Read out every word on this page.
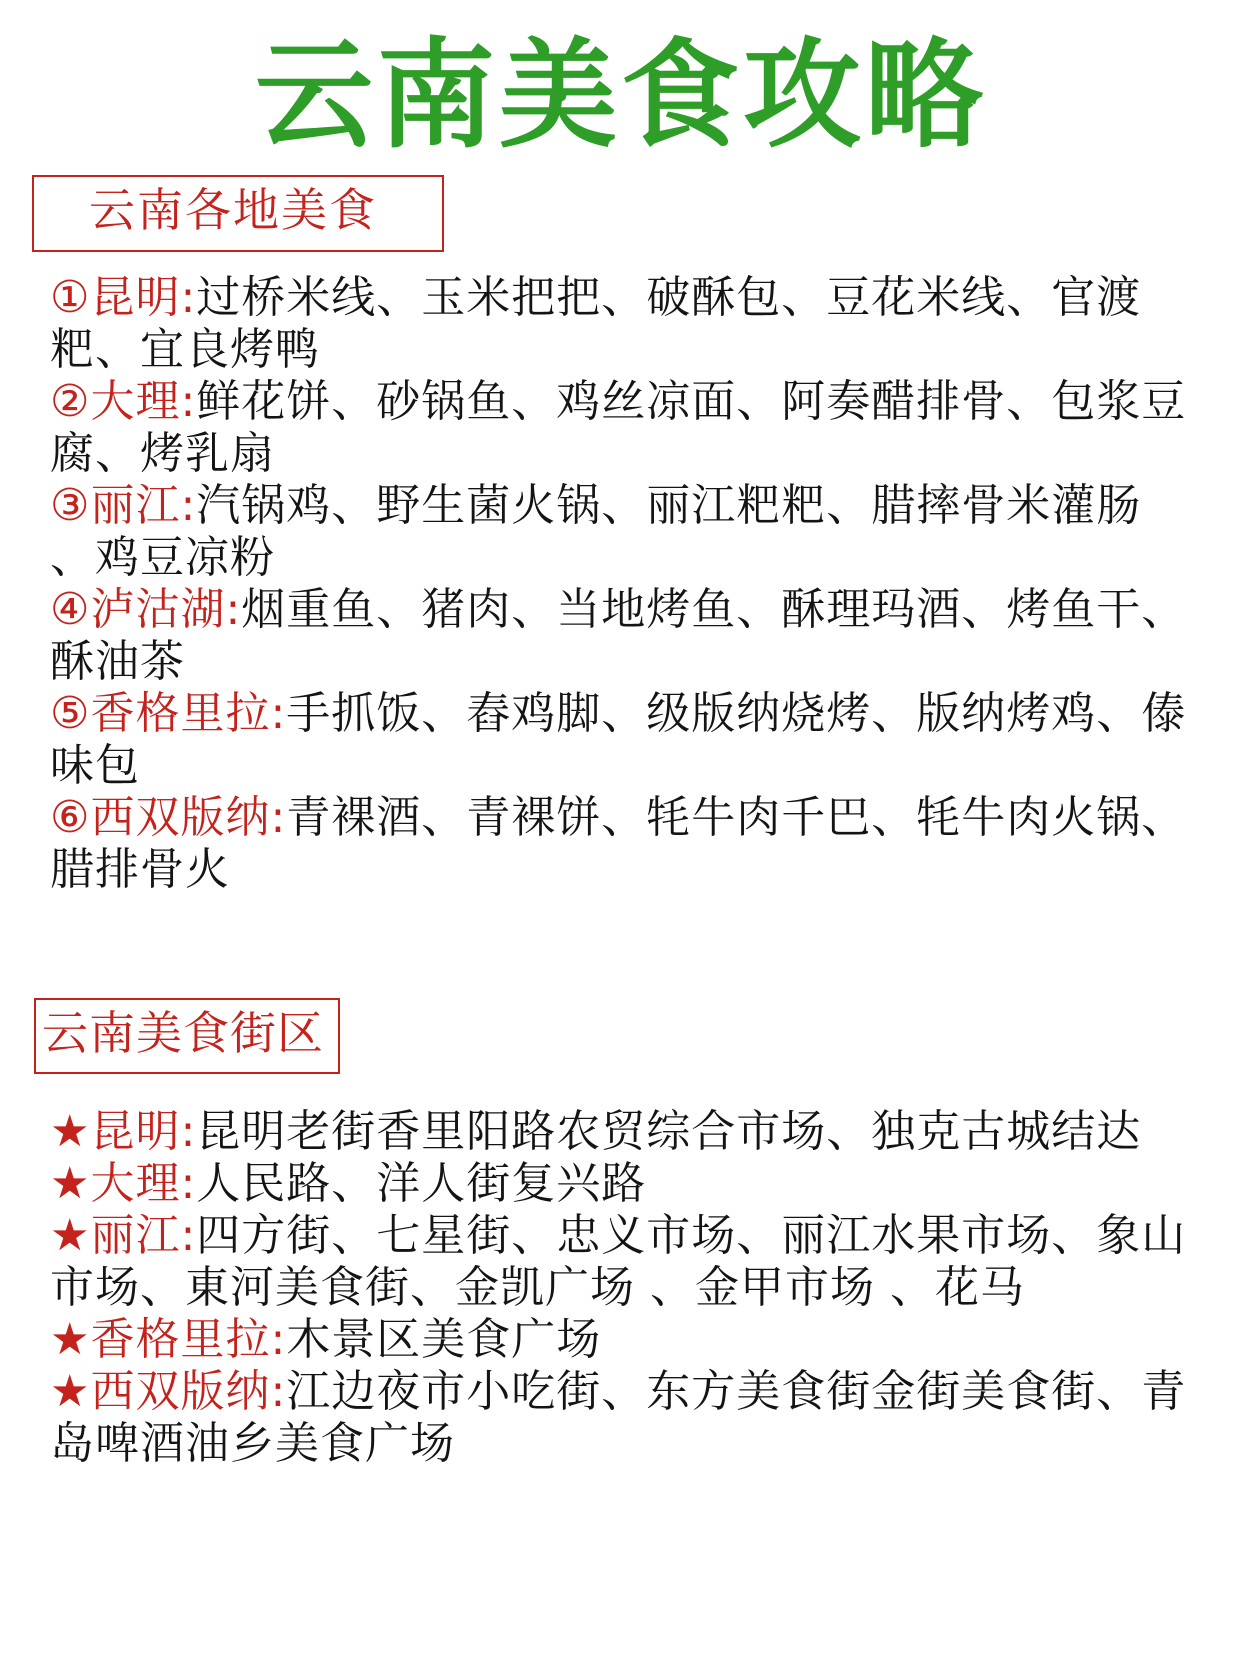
云南美食攻略
云南各地美食

①昆明:过桥米线、玉米把把、破酥包、豆花米线、官渡粑、宜良烤鸭

②大理:鲜花饼、砂锅鱼、鸡丝凉面、阿奏醋排骨、包浆豆腐、烤乳扇

③丽江:汽锅鸡、野生菌火锅、丽江粑粑、腊摔骨米灌肠 、鸡豆凉粉

④泸沽湖:烟重鱼、猪肉、当地烤鱼、酥理玛酒、烤鱼干、酥油茶

⑤香格里拉:手抓饭、舂鸡脚、级版纳烧烤、版纳烤鸡、傣味包

⑥西双版纳:青裸酒、青裸饼、牦牛肉千巴、牦牛肉火锅、腊排骨火

云南美食街区

★昆明:昆明老街香里阳路农贸综合市场、独克古城结达

★大理:人民路、洋人街复兴路

★丽江:四方街、七星街、忠义市场、丽江水果市场、象山市场、東河美食街、金凯广场 、金甲市场 、花马

★香格里拉:木景区美食广场

★西双版纳:江边夜市小吃街、东方美食街金街美食街、青岛啤酒油乡美食广场
